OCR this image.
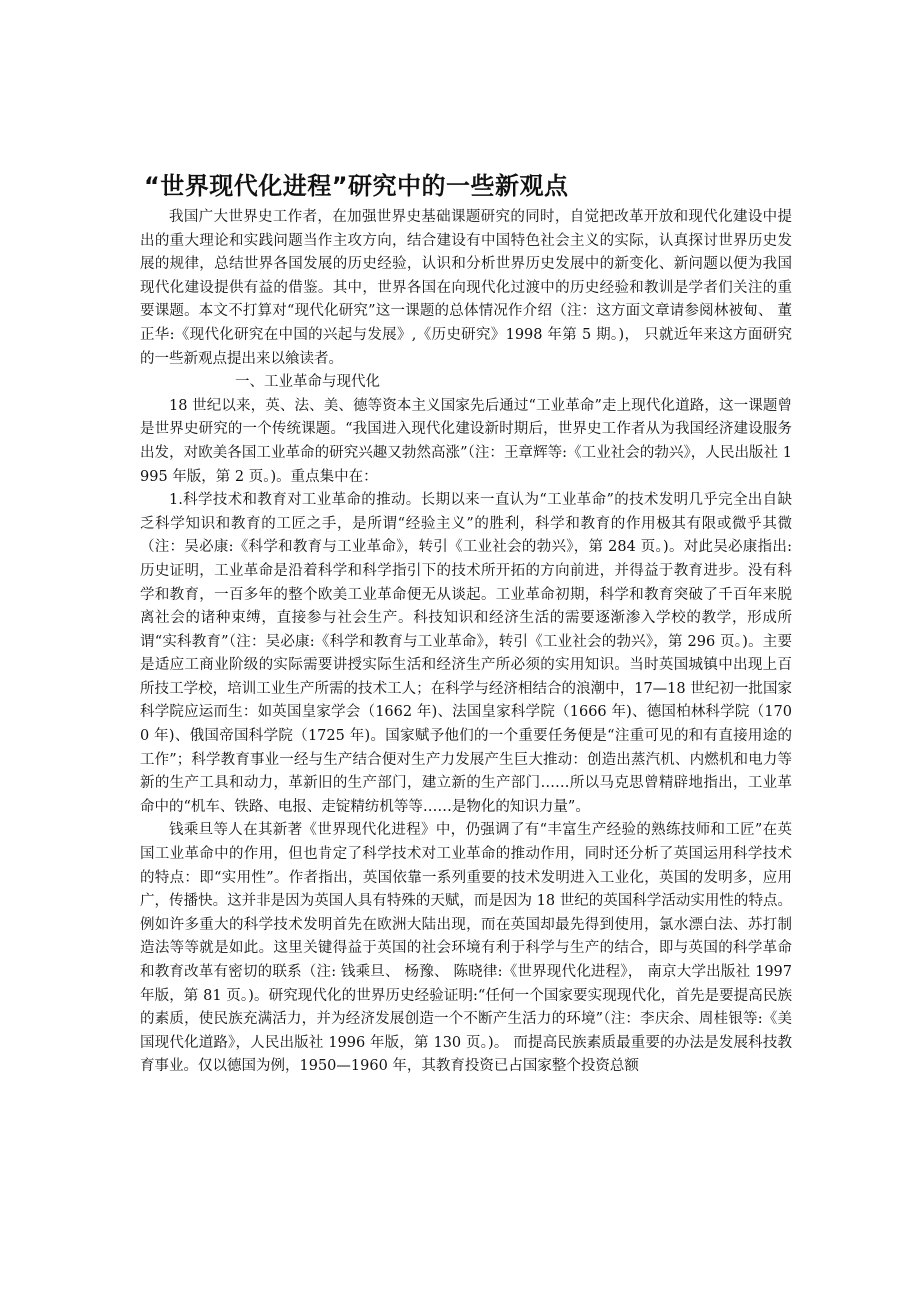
“世界现代化进程”研究中的一些新观点

我国广大世界史工作者，在加强世界史基础课题研究的同时，自觉把改革开放和现代化建设中提出的重大理论和实践问题当作主攻方向，结合建设有中国特色社会主义的实际，认真探讨世界历史发展的规律，总结世界各国发展的历史经验，认识和分析世界历史发展中的新变化、新问题以便为我国现代化建设提供有益的借鉴。其中，世界各国在向现代化过渡中的历史经验和教训是学者们关注的重要课题。本文不打算对“现代化研究”这一课题的总体情况作介绍（注：这方面文章请参阅林被甸、 董正华:《现代化研究在中国的兴起与发展》,《历史研究》1998 年第 5 期。)， 只就近年来这方面研究的一些新观点提出来以飨读者。

一、工业革命与现代化

18 世纪以来，英、法、美、德等资本主义国家先后通过“工业革命”走上现代化道路，这一课题曾是世界史研究的一个传统课题。“我国进入现代化建设新时期后，世界史工作者从为我国经济建设服务出发，对欧美各国工业革命的研究兴趣又勃然高涨”（注：王章辉等:《工业社会的勃兴》，人民出版社 1995 年版，第 2 页。)。重点集中在：

1.科学技术和教育对工业革命的推动。长期以来一直认为“工业革命”的技术发明几乎完全出自缺乏科学知识和教育的工匠之手，是所谓“经验主义”的胜利，科学和教育的作用极其有限或微乎其微（注：吴必康:《科学和教育与工业革命》，转引《工业社会的勃兴》，第 284 页。)。对此吴必康指出: 历史证明，工业革命是沿着科学和科学指引下的技术所开拓的方向前进，并得益于教育进步。没有科学和教育，一百多年的整个欧美工业革命便无从谈起。工业革命初期，科学和教育突破了千百年来脱离社会的诸种束缚，直接参与社会生产。科技知识和经济生活的需要逐渐渗入学校的教学，形成所谓“实科教育”（注：吴必康:《科学和教育与工业革命》，转引《工业社会的勃兴》，第 296 页。)。主要是适应工商业阶级的实际需要讲授实际生活和经济生产所必须的实用知识。当时英国城镇中出现上百所技工学校，培训工业生产所需的技术工人；在科学与经济相结合的浪潮中，17—18 世纪初一批国家科学院应运而生：如英国皇家学会（1662 年)、法国皇家科学院（1666 年)、德国柏林科学院（1700 年)、俄国帝国科学院（1725 年)。国家赋予他们的一个重要任务便是“注重可见的和有直接用途的工作”；科学教育事业一经与生产结合便对生产力发展产生巨大推动：创造出蒸汽机、内燃机和电力等新的生产工具和动力，革新旧的生产部门，建立新的生产部门……所以马克思曾精辟地指出，工业革命中的“机车、铁路、电报、走锭精纺机等等……是物化的知识力量”。

钱乘旦等人在其新著《世界现代化进程》中，仍强调了有“丰富生产经验的熟练技师和工匠”在英国工业革命中的作用，但也肯定了科学技术对工业革命的推动作用，同时还分析了英国运用科学技术的特点：即“实用性”。作者指出，英国依靠一系列重要的技术发明进入工业化，英国的发明多，应用广，传播快。这并非是因为英国人具有特殊的天赋，而是因为 18 世纪的英国科学活动实用性的特点。例如许多重大的科学技术发明首先在欧洲大陆出现，而在英国却最先得到使用，氯水漂白法、苏打制造法等等就是如此。这里关键得益于英国的社会环境有利于科学与生产的结合，即与英国的科学革命和教育改革有密切的联系（注: 钱乘旦、 杨豫、 陈晓律:《世界现代化进程》， 南京大学出版社 1997 年版，第 81 页。)。研究现代化的世界历史经验证明:“任何一个国家要实现现代化，首先是要提高民族的素质，使民族充满活力，并为经济发展创造一个不断产生活力的环境”（注：李庆余、周桂银等:《美国现代化道路》，人民出版社 1996 年版，第 130 页。)。 而提高民族素质最重要的办法是发展科技教育事业。仅以德国为例，1950—1960 年，其教育投资已占国家整个投资总额
